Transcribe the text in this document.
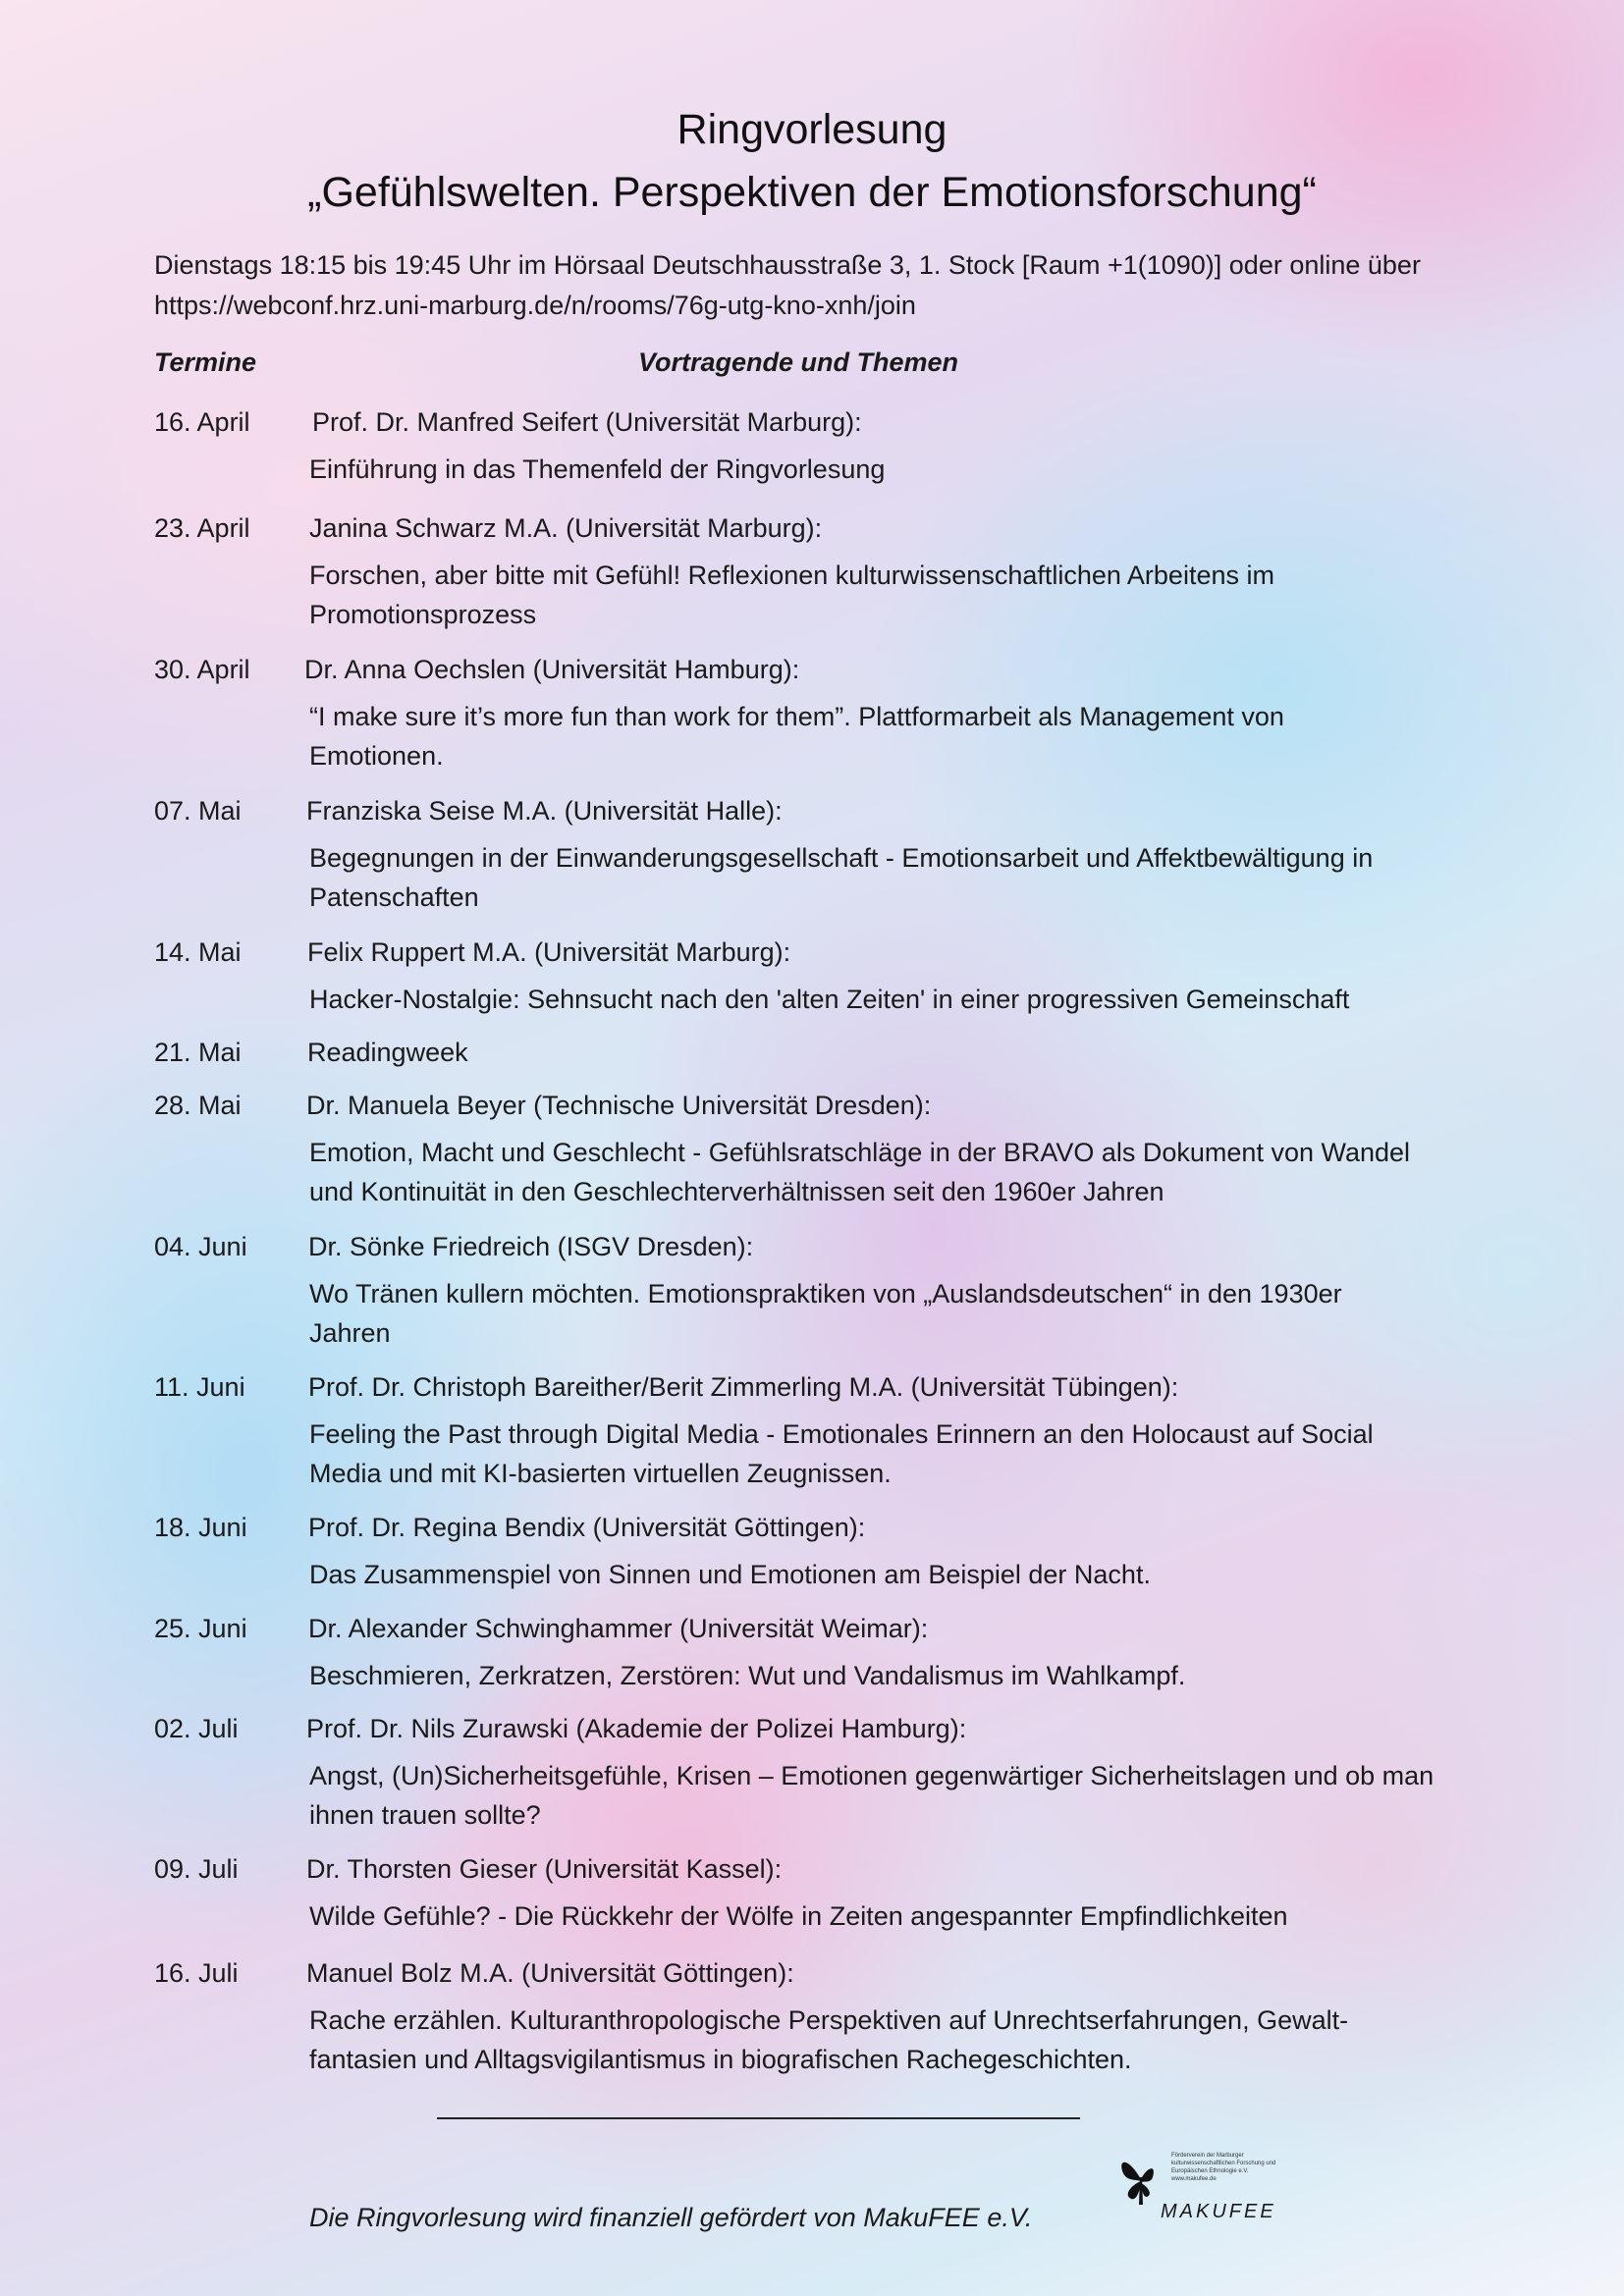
Ringvorlesung
„Gefühlswelten. Perspektiven der Emotionsforschung“
Dienstags 18:15 bis 19:45 Uhr im Hörsaal Deutschhausstraße 3, 1. Stock [Raum +1(1090)] oder online über
https://webconf.hrz.uni-marburg.de/n/rooms/76g-utg-kno-xnh/join
Termine	Vortragende und Themen
16. April Prof. Dr. Manfred Seifert (Universität Marburg):
Einführung in das Themenfeld der Ringvorlesung
23. April Janina Schwarz M.A. (Universität Marburg):
Forschen, aber bitte mit Gefühl! Reflexionen kulturwissenschaftlichen Arbeitens im
Promotionsprozess
30. April Dr. Anna Oechslen (Universität Hamburg):
“I make sure it’s more fun than work for them”. Plattformarbeit als Management von
Emotionen.
07. Mai Franziska Seise M.A. (Universität Halle):
Begegnungen in der Einwanderungsgesellschaft - Emotionsarbeit und Affektbewältigung in
Patenschaften
14. Mai Felix Ruppert M.A. (Universität Marburg):
Hacker-Nostalgie: Sehnsucht nach den 'alten Zeiten' in einer progressiven Gemeinschaft
21. Mai Readingweek
28. Mai Dr. Manuela Beyer (Technische Universität Dresden):
Emotion, Macht und Geschlecht - Gefühlsratschläge in der BRAVO als Dokument von Wandel
und Kontinuität in den Geschlechterverhältnissen seit den 1960er Jahren
04. Juni Dr. Sönke Friedreich (ISGV Dresden):
Wo Tränen kullern möchten. Emotionspraktiken von „Auslandsdeutschen“ in den 1930er
Jahren
11. Juni Prof. Dr. Christoph Bareither/Berit Zimmerling M.A. (Universität Tübingen):
Feeling the Past through Digital Media - Emotionales Erinnern an den Holocaust auf Social
Media und mit KI-basierten virtuellen Zeugnissen.
18. Juni Prof. Dr. Regina Bendix (Universität Göttingen):
Das Zusammenspiel von Sinnen und Emotionen am Beispiel der Nacht.
25. Juni Dr. Alexander Schwinghammer (Universität Weimar):
Beschmieren, Zerkratzen, Zerstören: Wut und Vandalismus im Wahlkampf.
02. Juli	Prof. Dr. Nils Zurawski (Akademie der Polizei Hamburg):
Angst, (Un)Sicherheitsgefühle, Krisen – Emotionen gegenwärtiger Sicherheitslagen und ob man
ihnen trauen sollte?
09. Juli	Dr. Thorsten Gieser (Universität Kassel):
Wilde Gefühle? - Die Rückkehr der Wölfe in Zeiten angespannter Empfindlichkeiten
16. Juli	Manuel Bolz M.A. (Universität Göttingen):
Rache erzählen. Kulturanthropologische Perspektiven auf Unrechtserfahrungen, Gewalt-
fantasien und Alltagsvigilantismus in biografischen Rachegeschichten.
Die Ringvorlesung wird finanziell gefördert von MakuFEE e.V.
Förderverein der Marburger kulturwissenschaftlichen Forschung und Europäischen Ethnologie e.V. www.makufee.de
MAKUFEE
